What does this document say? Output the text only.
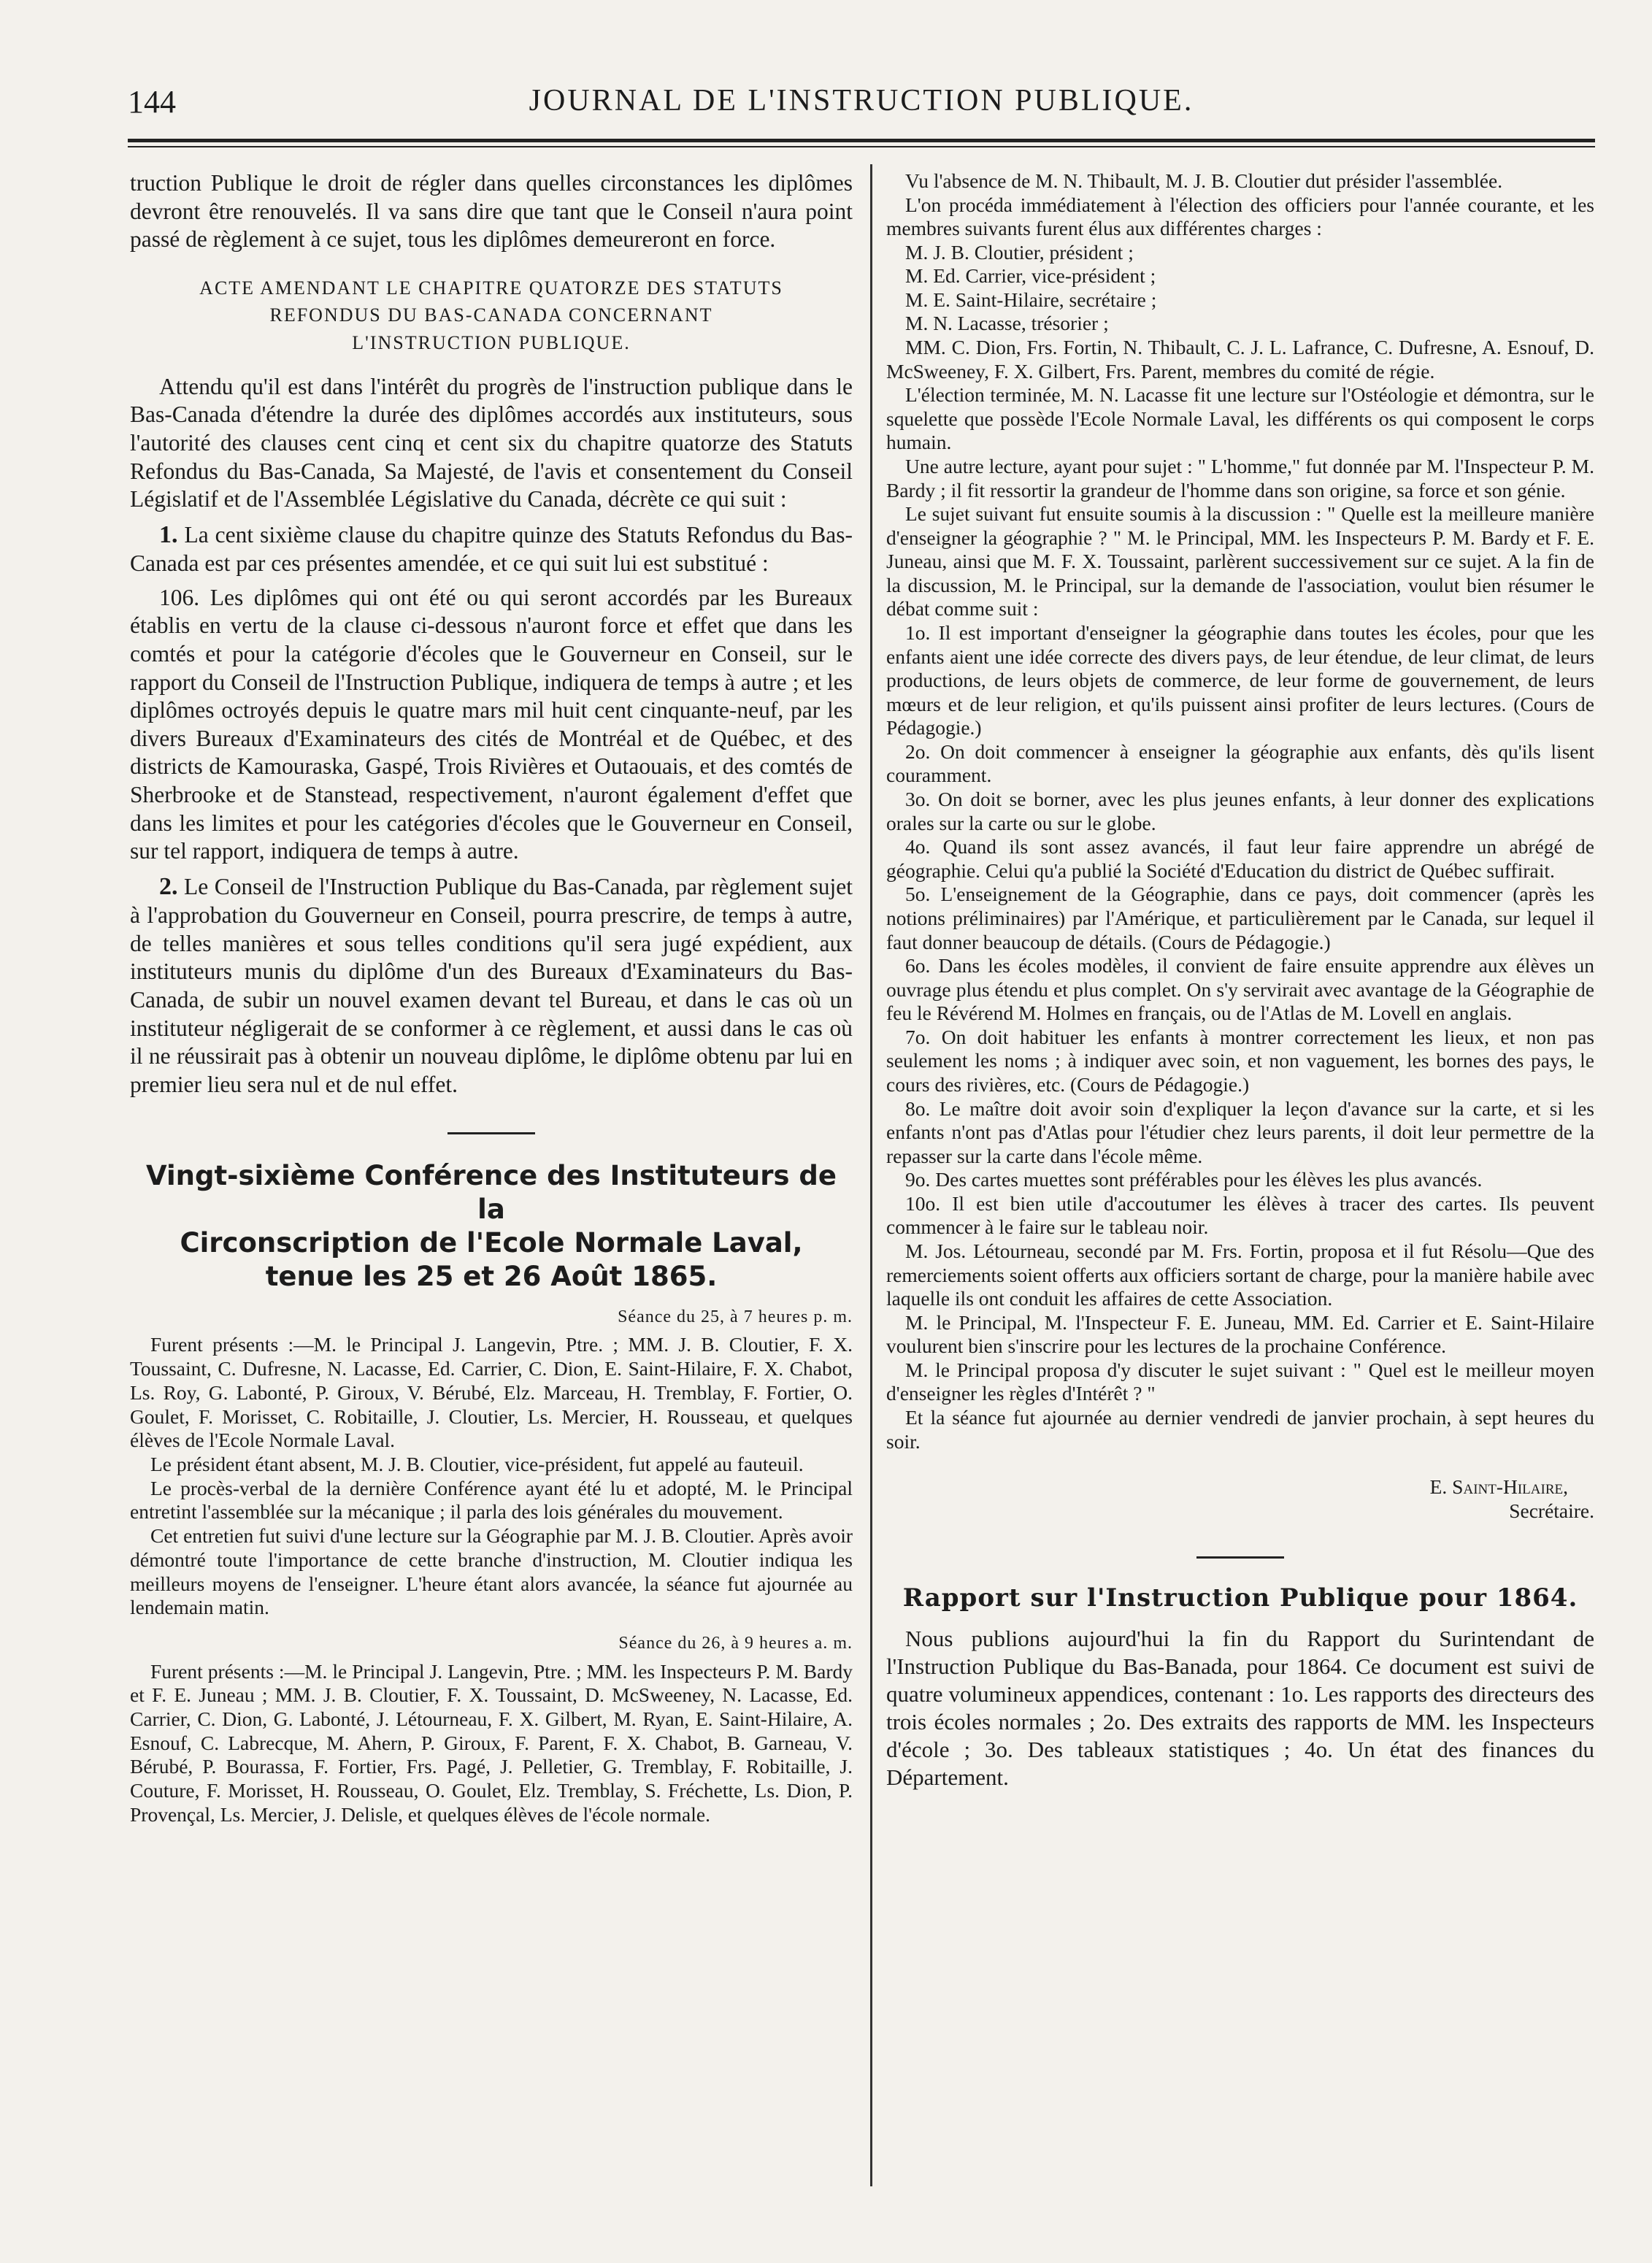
144	JOURNAL DE L'INSTRUCTION PUBLIQUE.

truction Publique le droit de régler dans quelles circonstances les diplômes devront être renouvelés. Il va sans dire que tant que le Conseil n'aura point passé de règlement à ce sujet, tous les diplômes demeureront en force.

ACTE AMENDANT LE CHAPITRE QUATORZE DES STATUTS
REFONDUS DU BAS-CANADA CONCERNANT
L'INSTRUCTION PUBLIQUE.

Attendu qu'il est dans l'intérêt du progrès de l'instruction publique dans le Bas-Canada d'étendre la durée des diplômes accordés aux instituteurs, sous l'autorité des clauses cent cinq et cent six du chapitre quatorze des Statuts Refondus du Bas-Canada, Sa Majesté, de l'avis et consentement du Conseil Législatif et de l'Assemblée Législative du Canada, décrète ce qui suit :

1. La cent sixième clause du chapitre quinze des Statuts Refondus du Bas-Canada est par ces présentes amendée, et ce qui suit lui est substitué :

106. Les diplômes qui ont été ou qui seront accordés par les Bureaux établis en vertu de la clause ci-dessous n'auront force et effet que dans les comtés et pour la catégorie d'écoles que le Gouverneur en Conseil, sur le rapport du Conseil de l'Instruction Publique, indiquera de temps à autre ; et les diplômes octroyés depuis le quatre mars mil huit cent cinquante-neuf, par les divers Bureaux d'Examinateurs des cités de Montréal et de Québec, et des districts de Kamouraska, Gaspé, Trois Rivières et Outaouais, et des comtés de Sherbrooke et de Stanstead, respectivement, n'auront également d'effet que dans les limites et pour les catégories d'écoles que le Gouverneur en Conseil, sur tel rapport, indiquera de temps à autre.

2. Le Conseil de l'Instruction Publique du Bas-Canada, par règlement sujet à l'approbation du Gouverneur en Conseil, pourra prescrire, de temps à autre, de telles manières et sous telles conditions qu'il sera jugé expédient, aux instituteurs munis du diplôme d'un des Bureaux d'Examinateurs du Bas-Canada, de subir un nouvel examen devant tel Bureau, et dans le cas où un instituteur négligerait de se conformer à ce règlement, et aussi dans le cas où il ne réussirait pas à obtenir un nouveau diplôme, le diplôme obtenu par lui en premier lieu sera nul et de nul effet.

Vingt-sixième Conférence des Instituteurs de la
Circonscription de l'Ecole Normale Laval,
tenue les 25 et 26 Août 1865.
Séance du 25, à 7 heures p. m.

Furent présents :—M. le Principal J. Langevin, Ptre. ; MM. J. B. Cloutier, F. X. Toussaint, C. Dufresne, N. Lacasse, Ed. Carrier, C. Dion, E. Saint-Hilaire, F. X. Chabot, Ls. Roy, G. Labonté, P. Giroux, V. Bérubé, Elz. Marceau, H. Tremblay, F. Fortier, O. Goulet, F. Morisset, C. Robitaille, J. Cloutier, Ls. Mercier, H. Rousseau, et quelques élèves de l'Ecole Normale Laval.

Le président étant absent, M. J. B. Cloutier, vice-président, fut appelé au fauteuil.

Le procès-verbal de la dernière Conférence ayant été lu et adopté, M. le Principal entretint l'assemblée sur la mécanique ; il parla des lois générales du mouvement.

Cet entretien fut suivi d'une lecture sur la Géographie par M. J. B. Cloutier. Après avoir démontré toute l'importance de cette branche d'instruction, M. Cloutier indiqua les meilleurs moyens de l'enseigner. L'heure étant alors avancée, la séance fut ajournée au lendemain matin.

Séance du 26, à 9 heures a. m.

Furent présents :—M. le Principal J. Langevin, Ptre. ; MM. les Inspecteurs P. M. Bardy et F. E. Juneau ; MM. J. B. Cloutier, F. X. Toussaint, D. McSweeney, N. Lacasse, Ed. Carrier, C. Dion, G. Labonté, J. Létourneau, F. X. Gilbert, M. Ryan, E. Saint-Hilaire, A. Esnouf, C. Labrecque, M. Ahern, P. Giroux, F. Parent, F. X. Chabot, B. Garneau, V. Bérubé, P. Bourassa, F. Fortier, Frs. Pagé, J. Pelletier, G. Tremblay, F. Robitaille, J. Couture, F. Morisset, H. Rousseau, O. Goulet, Elz. Tremblay, S. Fréchette, Ls. Dion, P. Provençal, Ls. Mercier, J. Delisle, et quelques élèves de l'école normale.

Vu l'absence de M. N. Thibault, M. J. B. Cloutier dut présider l'assemblée.

L'on procéda immédiatement à l'élection des officiers pour l'année courante, et les membres suivants furent élus aux différentes charges :

M. J. B. Cloutier, président ;

M. Ed. Carrier, vice-président ;

M. E. Saint-Hilaire, secrétaire ;

M. N. Lacasse, trésorier ;

MM. C. Dion, Frs. Fortin, N. Thibault, C. J. L. Lafrance, C. Dufresne, A. Esnouf, D. McSweeney, F. X. Gilbert, Frs. Parent, membres du comité de régie.

L'élection terminée, M. N. Lacasse fit une lecture sur l'Ostéologie et démontra, sur le squelette que possède l'Ecole Normale Laval, les différents os qui composent le corps humain.

Une autre lecture, ayant pour sujet : " L'homme," fut donnée par M. l'Inspecteur P. M. Bardy ; il fit ressortir la grandeur de l'homme dans son origine, sa force et son génie.

Le sujet suivant fut ensuite soumis à la discussion : " Quelle est la meilleure manière d'enseigner la géographie ? " M. le Principal, MM. les Inspecteurs P. M. Bardy et F. E. Juneau, ainsi que M. F. X. Toussaint, parlèrent successivement sur ce sujet. A la fin de la discussion, M. le Principal, sur la demande de l'association, voulut bien résumer le débat comme suit :

1o. Il est important d'enseigner la géographie dans toutes les écoles, pour que les enfants aient une idée correcte des divers pays, de leur étendue, de leur climat, de leurs productions, de leurs objets de commerce, de leur forme de gouvernement, de leurs mœurs et de leur religion, et qu'ils puissent ainsi profiter de leurs lectures. (Cours de Pédagogie.)

2o. On doit commencer à enseigner la géographie aux enfants, dès qu'ils lisent couramment.

3o. On doit se borner, avec les plus jeunes enfants, à leur donner des explications orales sur la carte ou sur le globe.

4o. Quand ils sont assez avancés, il faut leur faire apprendre un abrégé de géographie. Celui qu'a publié la Société d'Education du district de Québec suffirait.

5o. L'enseignement de la Géographie, dans ce pays, doit commencer (après les notions préliminaires) par l'Amérique, et particulièrement par le Canada, sur lequel il faut donner beaucoup de détails. (Cours de Pédagogie.)

6o. Dans les écoles modèles, il convient de faire ensuite apprendre aux élèves un ouvrage plus étendu et plus complet. On s'y servirait avec avantage de la Géographie de feu le Révérend M. Holmes en français, ou de l'Atlas de M. Lovell en anglais.

7o. On doit habituer les enfants à montrer correctement les lieux, et non pas seulement les noms ; à indiquer avec soin, et non vaguement, les bornes des pays, le cours des rivières, etc. (Cours de Pédagogie.)

8o. Le maître doit avoir soin d'expliquer la leçon d'avance sur la carte, et si les enfants n'ont pas d'Atlas pour l'étudier chez leurs parents, il doit leur permettre de la repasser sur la carte dans l'école même.

9o. Des cartes muettes sont préférables pour les élèves les plus avancés.

10o. Il est bien utile d'accoutumer les élèves à tracer des cartes. Ils peuvent commencer à le faire sur le tableau noir.

M. Jos. Létourneau, secondé par M. Frs. Fortin, proposa et il fut Résolu—Que des remerciements soient offerts aux officiers sortant de charge, pour la manière habile avec laquelle ils ont conduit les affaires de cette Association.

M. le Principal, M. l'Inspecteur F. E. Juneau, MM. Ed. Carrier et E. Saint-Hilaire voulurent bien s'inscrire pour les lectures de la prochaine Conférence.

M. le Principal proposa d'y discuter le sujet suivant : " Quel est le meilleur moyen d'enseigner les règles d'Intérêt ? "

Et la séance fut ajournée au dernier vendredi de janvier prochain, à sept heures du soir.

E. Saint-Hilaire,
Secrétaire.
Rapport sur l'Instruction Publique pour 1864.

Nous publions aujourd'hui la fin du Rapport du Surintendant de l'Instruction Publique du Bas-Banada, pour 1864. Ce document est suivi de quatre volumineux appendices, contenant : 1o. Les rapports des directeurs des trois écoles normales ; 2o. Des extraits des rapports de MM. les Inspecteurs d'école ; 3o. Des tableaux statistiques ; 4o. Un état des finances du Département.
